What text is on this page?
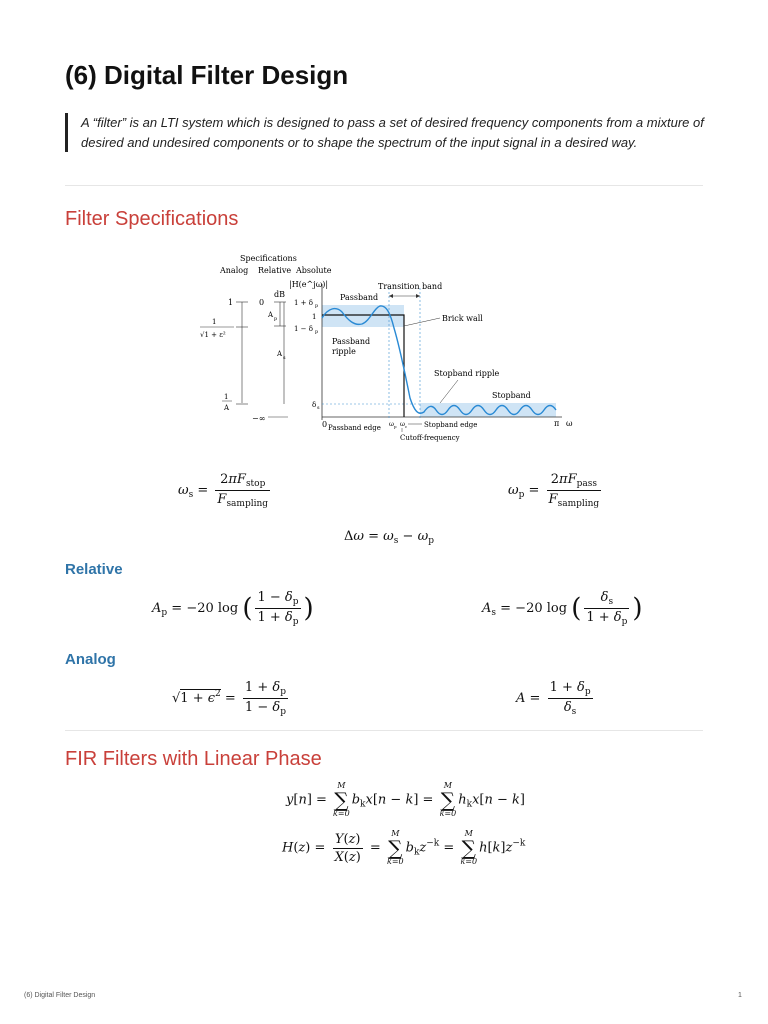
(6) Digital Filter Design
A “filter” is an LTI system which is designed to pass a set of desired frequency components from a mixture of desired and undesired components or to shape the spectrum of the input signal in a desired way.
Filter Specifications
Specifications
Analog Relative Absolute
|H(e^jω)|
dB
1
1
√1 + ε²
1
A
0
A p
A s
−∞
1 + δ p
1
1 − δ p
δ s
Transition band
Brick wall
Passband
Passband
ripple
Stopband ripple
Stopband
0 Passband edge ω p ω c Stopband edge
Cutoff-frequency
π ω
$\omega_s = \frac{2\pi F_{stop}}{F_{sampling}}$	$\omega_p = \frac{2\pi F_{pass}}{F_{sampling}}$
$\Delta\omega = \omega_s - \omega_p$
Relative
$A_p = -20$ log ( $\frac{1 - \delta_p}{1 + \delta_p}$ )	$A_s = -20$ log ( $\frac{\delta_s}{1 + \delta_p}$ )
Analog
$√1 + \epsilon^2 = \frac{1 + \delta_p}{1 - \delta_p}$	$A = \frac{1 + \delta_p}{\delta_s}$
FIR Filters with Linear Phase
y[n] =
M
∑
k=0
$b_kx[n - k]$ =
M
∑
k=0
$h_kx[n - k]$
$H(z) = \frac{Y(z)}{X(z)}$ =
M
∑
k=0
$b_kz^{-k}$ =
M
∑
k=0
$h[k]z^{-k}$
(6) Digital Filter Design	1
